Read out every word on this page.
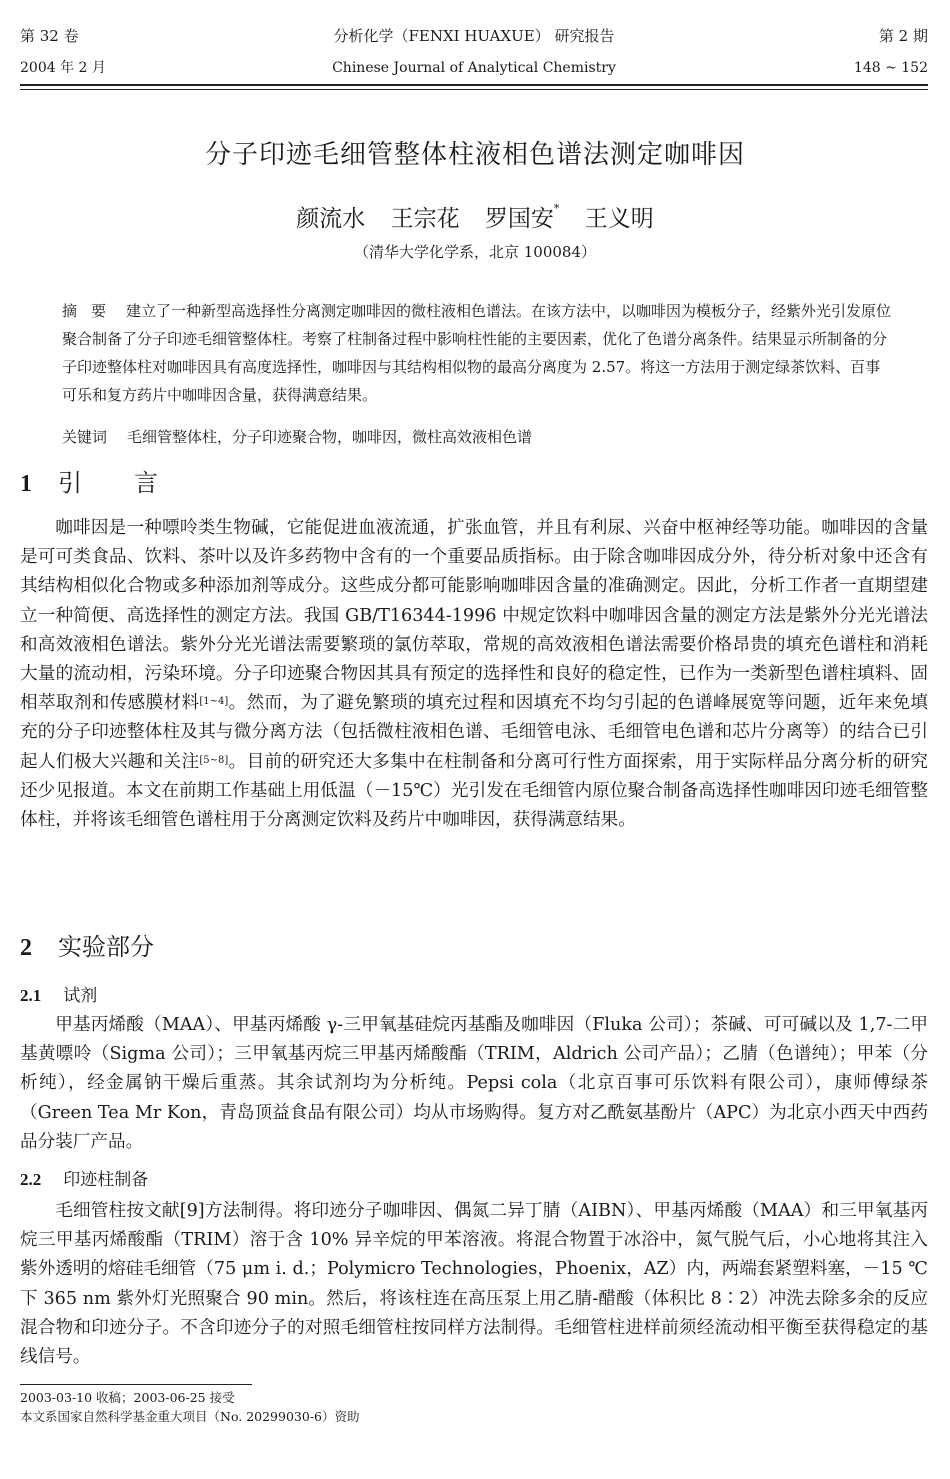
第 32 卷	分析化学（FENXI HUAXUE） 研究报告	第 2 期
2004 年 2 月	Chinese Journal of Analytical Chemistry	148 ~ 152
分子印迹毛细管整体柱液相色谱法测定咖啡因
颜流水 王宗花 罗国安* 王义明
（清华大学化学系，北京 100084）

摘要 建立了一种新型高选择性分离测定咖啡因的微柱液相色谱法。在该方法中，以咖啡因为模板分子，经紫外光引发原位聚合制备了分子印迹毛细管整体柱。考察了柱制备过程中影响柱性能的主要因素，优化了色谱分离条件。结果显示所制备的分子印迹整体柱对咖啡因具有高度选择性，咖啡因与其结构相似物的最高分离度为 2.57。将这一方法用于测定绿茶饮料、百事可乐和复方药片中咖啡因含量，获得满意结果。

关键词 毛细管整体柱，分子印迹聚合物，咖啡因，微柱高效液相色谱

1 引言

咖啡因是一种嘌呤类生物碱，它能促进血液流通，扩张血管，并且有利尿、兴奋中枢神经等功能。咖啡因的含量是可可类食品、饮料、茶叶以及许多药物中含有的一个重要品质指标。由于除含咖啡因成分外，待分析对象中还含有其结构相似化合物或多种添加剂等成分。这些成分都可能影响咖啡因含量的准确测定。因此，分析工作者一直期望建立一种简便、高选择性的测定方法。我国 GB/T16344-1996 中规定饮料中咖啡因含量的测定方法是紫外分光光谱法和高效液相色谱法。紫外分光光谱法需要繁琐的氯仿萃取，常规的高效液相色谱法需要价格昂贵的填充色谱柱和消耗大量的流动相，污染环境。分子印迹聚合物因其具有预定的选择性和良好的稳定性，已作为一类新型色谱柱填料、固相萃取剂和传感膜材料[1~4]。然而，为了避免繁琐的填充过程和因填充不均匀引起的色谱峰展宽等问题，近年来免填充的分子印迹整体柱及其与微分离方法（包括微柱液相色谱、毛细管电泳、毛细管电色谱和芯片分离等）的结合已引起人们极大兴趣和关注[5~8]。目前的研究还大多集中在柱制备和分离可行性方面探索，用于实际样品分离分析的研究还少见报道。本文在前期工作基础上用低温（－15℃）光引发在毛细管内原位聚合制备高选择性咖啡因印迹毛细管整体柱，并将该毛细管色谱柱用于分离测定饮料及药片中咖啡因，获得满意结果。

2 实验部分
2.1 试剂

甲基丙烯酸（MAA）、甲基丙烯酸 γ-三甲氧基硅烷丙基酯及咖啡因（Fluka 公司）；茶碱、可可碱以及 1,7-二甲基黄嘌呤（Sigma 公司）；三甲氧基丙烷三甲基丙烯酸酯（TRIM，Aldrich 公司产品）；乙腈（色谱纯）；甲苯（分析纯），经金属钠干燥后重蒸。其余试剂均为分析纯。Pepsi cola（北京百事可乐饮料有限公司），康师傅绿茶（Green Tea Mr Kon，青岛顶益食品有限公司）均从市场购得。复方对乙酰氨基酚片（APC）为北京小西天中西药品分装厂产品。

2.2 印迹柱制备

毛细管柱按文献[9]方法制得。将印迹分子咖啡因、偶氮二异丁腈（AIBN）、甲基丙烯酸（MAA）和三甲氧基丙烷三甲基丙烯酸酯（TRIM）溶于含 10% 异辛烷的甲苯溶液。将混合物置于冰浴中，氮气脱气后，小心地将其注入紫外透明的熔硅毛细管（75 μm i. d.；Polymicro Technologies，Phoenix，AZ）内，两端套紧塑料塞，－15 ℃下 365 nm 紫外灯光照聚合 90 min。然后，将该柱连在高压泵上用乙腈-醋酸（体积比 8∶2）冲洗去除多余的反应混合物和印迹分子。不含印迹分子的对照毛细管柱按同样方法制得。毛细管柱进样前须经流动相平衡至获得稳定的基线信号。

2003-03-10 收稿；2003-06-25 接受

本文系国家自然科学基金重大项目（No. 20299030-6）资助
